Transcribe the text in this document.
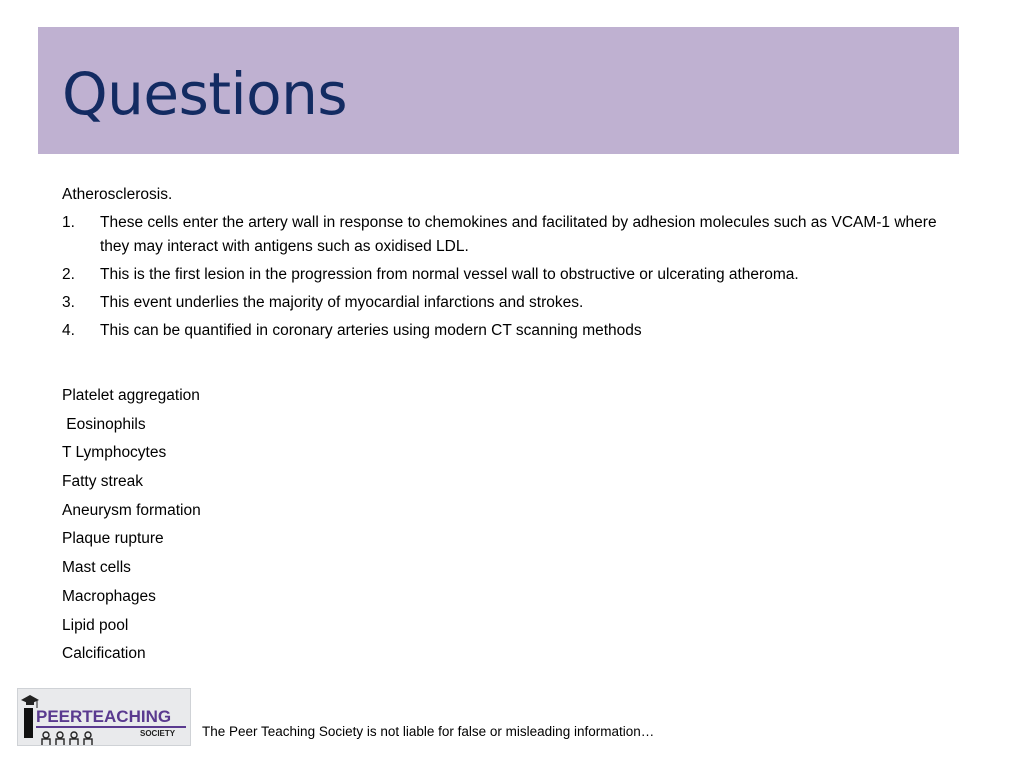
Questions

Atherosclerosis.

1. These cells enter the artery wall in response to chemokines and facilitated by adhesion molecules such as VCAM-1 where they may interact with antigens such as oxidised LDL.
2. This is the first lesion in the progression from normal vessel wall to obstructive or ulcerating atheroma.
3. This event underlies the majority of myocardial infarctions and strokes.
4. This can be quantified in coronary arteries using modern CT scanning methods
Platelet aggregation
Eosinophils
T Lymphocytes
Fatty streak
Aneurysm formation
Plaque rupture
Mast cells
Macrophages
Lipid pool
Calcification
PEERTEACHING
SOCIETY The Peer Teaching Society is not liable for false or misleading information…
